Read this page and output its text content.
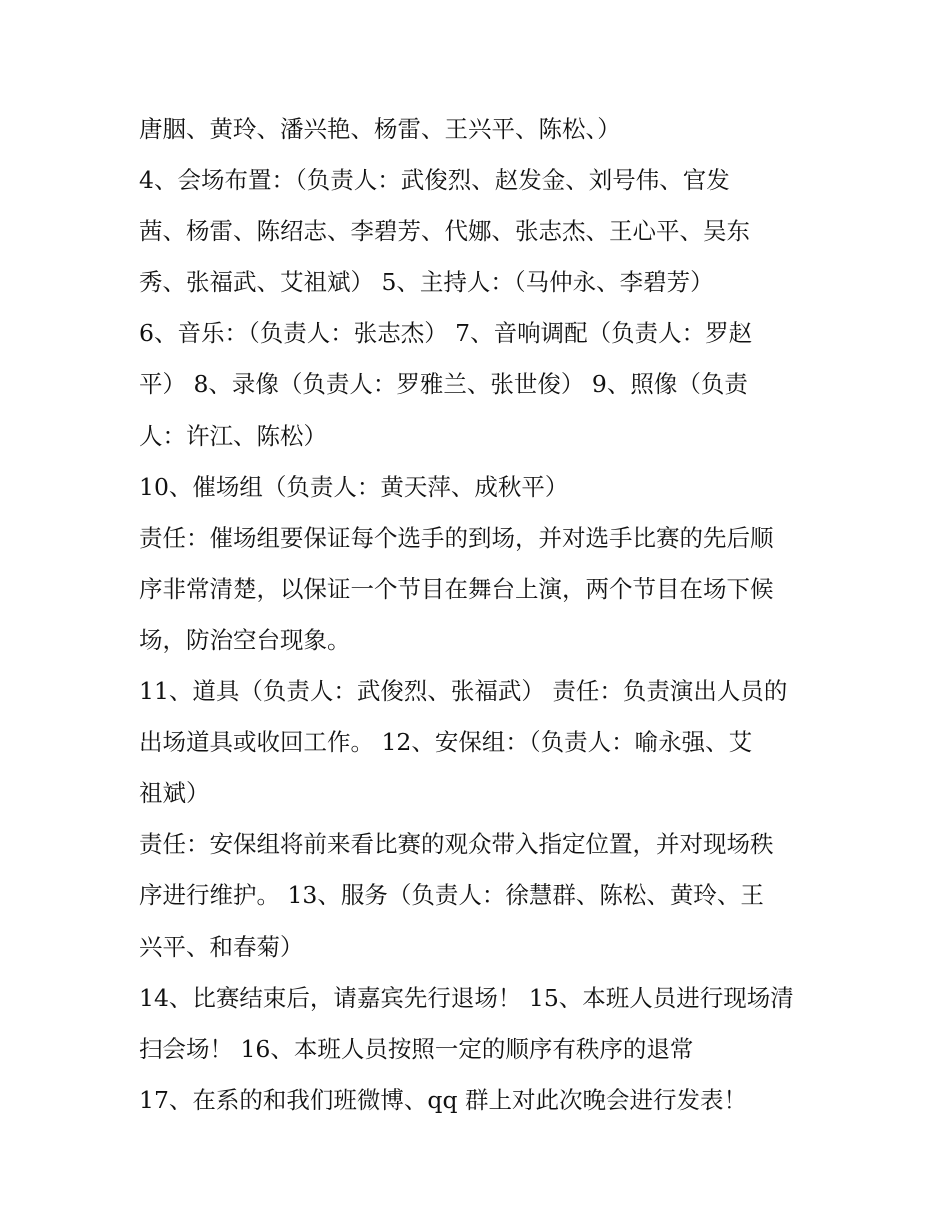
唐胭、黄玲、潘兴艳、杨雷、王兴平、陈松、）
4、会场布置：（负责人：武俊烈、赵发金、刘号伟、官发
茜、杨雷、陈绍志、李碧芳、代娜、张志杰、王心平、吴东
秀、张福武、艾祖斌） 5、主持人：（马仲永、李碧芳）
6、音乐：（负责人：张志杰） 7、音响调配（负责人：罗赵
平） 8、录像（负责人：罗雅兰、张世俊） 9、照像（负责
人：许江、陈松）
10、催场组（负责人：黄天萍、成秋平）
责任：催场组要保证每个选手的到场，并对选手比赛的先后顺
序非常清楚，以保证一个节目在舞台上演，两个节目在场下候
场，防治空台现象。
11、道具（负责人：武俊烈、张福武） 责任：负责演出人员的
出场道具或收回工作。 12、安保组：（负责人：喻永强、艾
祖斌）
责任：安保组将前来看比赛的观众带入指定位置，并对现场秩
序进行维护。 13、服务（负责人：徐慧群、陈松、黄玲、王
兴平、和春菊）
14、比赛结束后，请嘉宾先行退场！ 15、本班人员进行现场清
扫会场！ 16、本班人员按照一定的顺序有秩序的退常
17、在系的和我们班微博、qq 群上对此次晚会进行发表！
